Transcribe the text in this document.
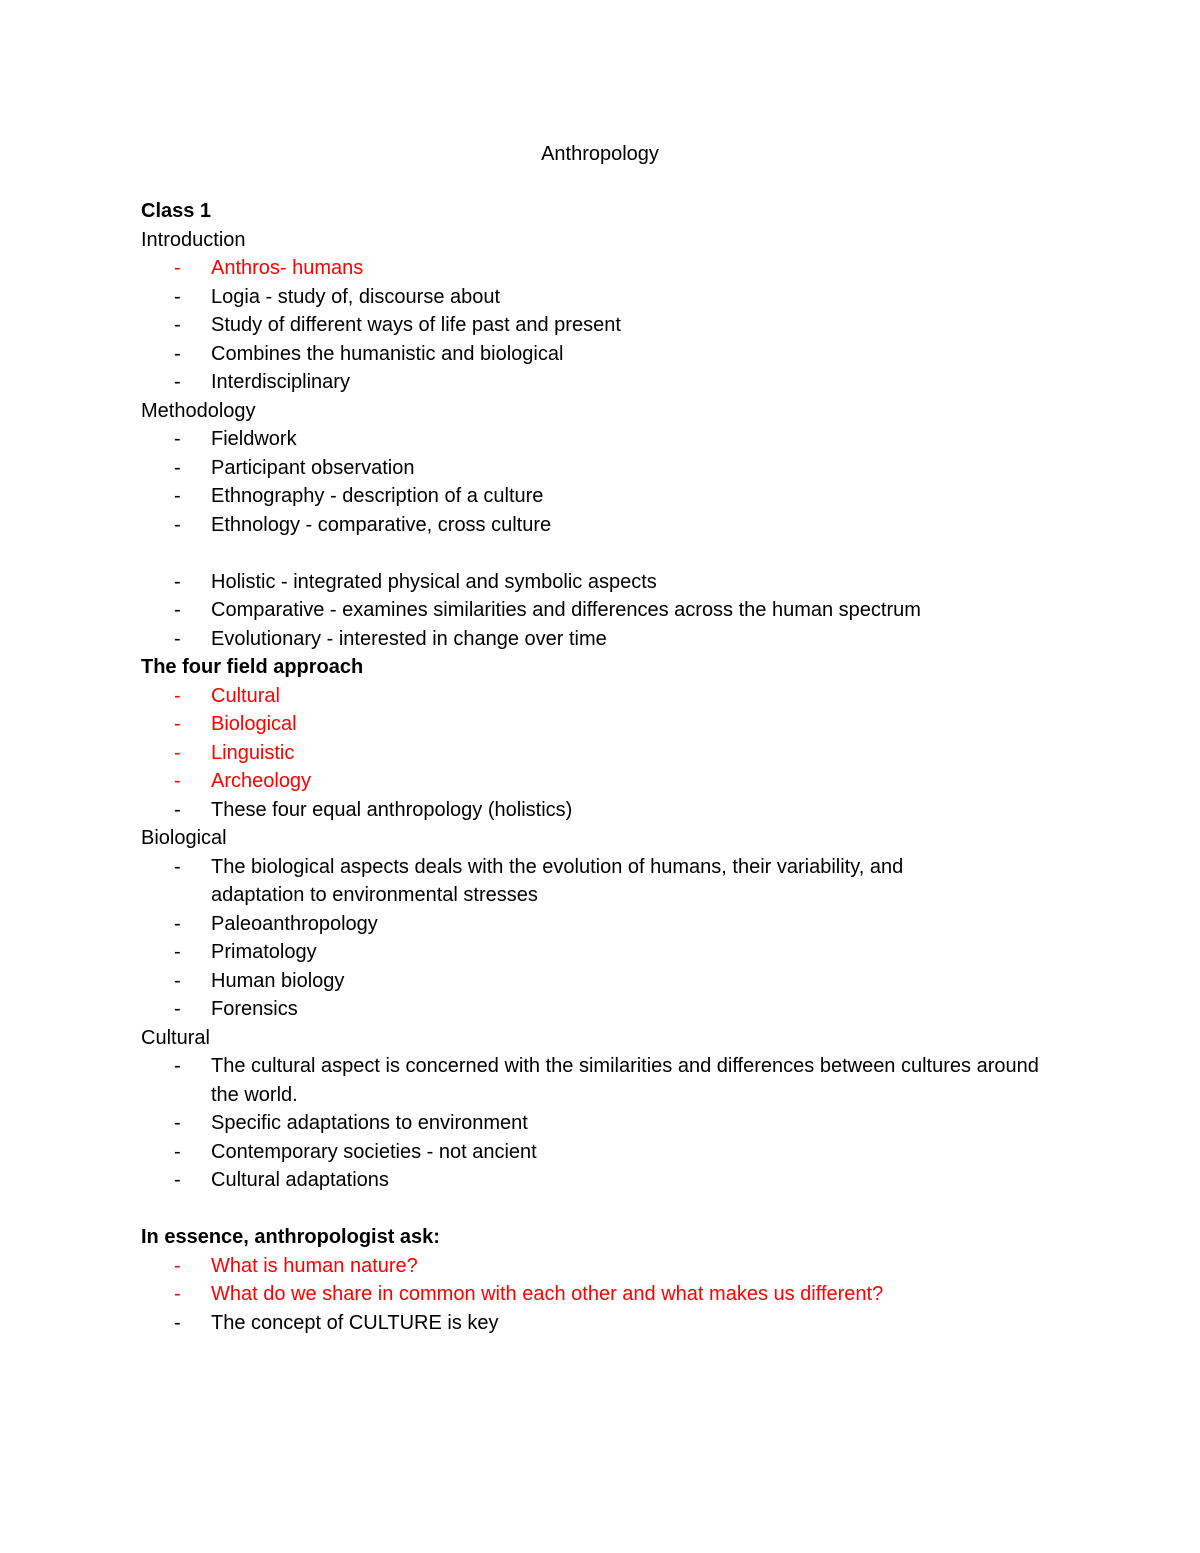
Anthropology
Class 1
Introduction
- Anthros- humans
- Logia - study of, discourse about
- Study of different ways of life past and present
- Combines the humanistic and biological
- Interdisciplinary
Methodology
- Fieldwork
- Participant observation
- Ethnography - description of a culture
- Ethnology - comparative, cross culture
- Holistic - integrated physical and symbolic aspects
- Comparative - examines similarities and differences across the human spectrum
- Evolutionary - interested in change over time
The four field approach
- Cultural
- Biological
- Linguistic
- Archeology
- These four equal anthropology (holistics)
Biological
- The biological aspects deals with the evolution of humans, their variability, and adaptation to environmental stresses
- Paleoanthropology
- Primatology
- Human biology
- Forensics
Cultural
- The cultural aspect is concerned with the similarities and differences between cultures around the world.
- Specific adaptations to environment
- Contemporary societies - not ancient
- Cultural adaptations
In essence, anthropologist ask:
- What is human nature?
- What do we share in common with each other and what makes us different?
- The concept of CULTURE is key
